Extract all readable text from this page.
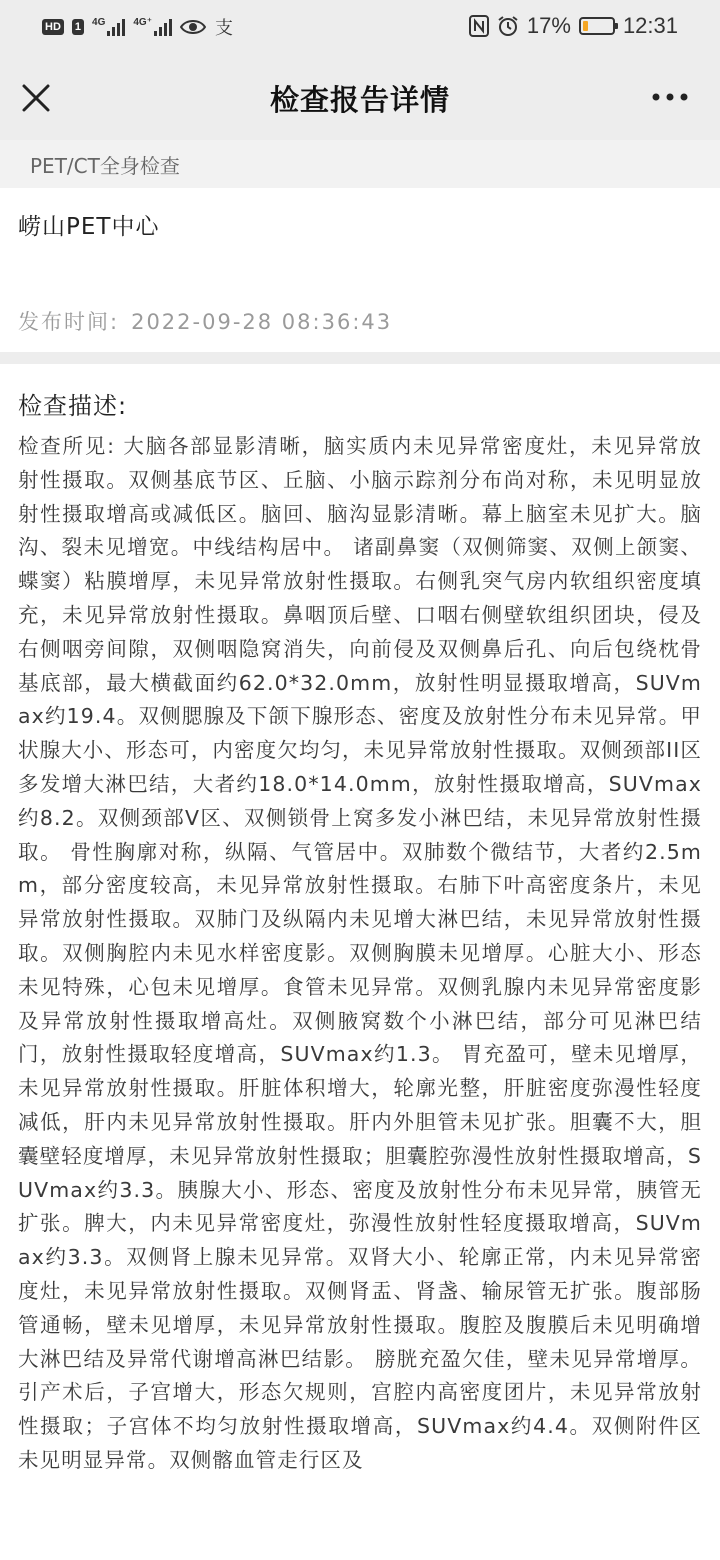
HD 1	4G	4G⁺	支	17% 12:31
检查报告详情
PET/CT全身检查
崂山PET中心
发布时间: 2022-09-28 08:36:43
检查描述:
检查所见: 大脑各部显影清晰，脑实质内未见异常密度灶，未见异常放射性摄取。双侧基底节区、丘脑、小脑示踪剂分布尚对称，未见明显放射性摄取增高或减低区。脑回、脑沟显影清晰。幕上脑室未见扩大。脑沟、裂未见增宽。中线结构居中。 诸副鼻窦（双侧筛窦、双侧上颌窦、蝶窦）粘膜增厚，未见异常放射性摄取。右侧乳突气房内软组织密度填充，未见异常放射性摄取。鼻咽顶后壁、口咽右侧壁软组织团块，侵及右侧咽旁间隙，双侧咽隐窝消失，向前侵及双侧鼻后孔、向后包绕枕骨基底部，最大横截面约62.0*32.0mm，放射性明显摄取增高，SUVmax约19.4。双侧腮腺及下颌下腺形态、密度及放射性分布未见异常。甲状腺大小、形态可，内密度欠均匀，未见异常放射性摄取。双侧颈部II区多发增大淋巴结，大者约18.0*14.0mm，放射性摄取增高，SUVmax约8.2。双侧颈部V区、双侧锁骨上窝多发小淋巴结，未见异常放射性摄取。 骨性胸廓对称，纵隔、气管居中。双肺数个微结节，大者约2.5mm，部分密度较高，未见异常放射性摄取。右肺下叶高密度条片，未见异常放射性摄取。双肺门及纵隔内未见增大淋巴结，未见异常放射性摄取。双侧胸腔内未见水样密度影。双侧胸膜未见增厚。心脏大小、形态未见特殊，心包未见增厚。食管未见异常。双侧乳腺内未见异常密度影及异常放射性摄取增高灶。双侧腋窝数个小淋巴结，部分可见淋巴结门，放射性摄取轻度增高，SUVmax约1.3。 胃充盈可，壁未见增厚，未见异常放射性摄取。肝脏体积增大，轮廓光整，肝脏密度弥漫性轻度减低，肝内未见异常放射性摄取。肝内外胆管未见扩张。胆囊不大，胆囊壁轻度增厚，未见异常放射性摄取；胆囊腔弥漫性放射性摄取增高，SUVmax约3.3。胰腺大小、形态、密度及放射性分布未见异常，胰管无扩张。脾大，内未见异常密度灶，弥漫性放射性轻度摄取增高，SUVmax约3.3。双侧肾上腺未见异常。双肾大小、轮廓正常，内未见异常密度灶，未见异常放射性摄取。双侧肾盂、肾盏、输尿管无扩张。腹部肠管通畅，壁未见增厚，未见异常放射性摄取。腹腔及腹膜后未见明确增大淋巴结及异常代谢增高淋巴结影。 膀胱充盈欠佳，壁未见异常增厚。引产术后，子宫增大，形态欠规则，宫腔内高密度团片，未见异常放射性摄取；子宫体不均匀放射性摄取增高，SUVmax约4.4。双侧附件区未见明显异常。双侧髂血管走行区及
